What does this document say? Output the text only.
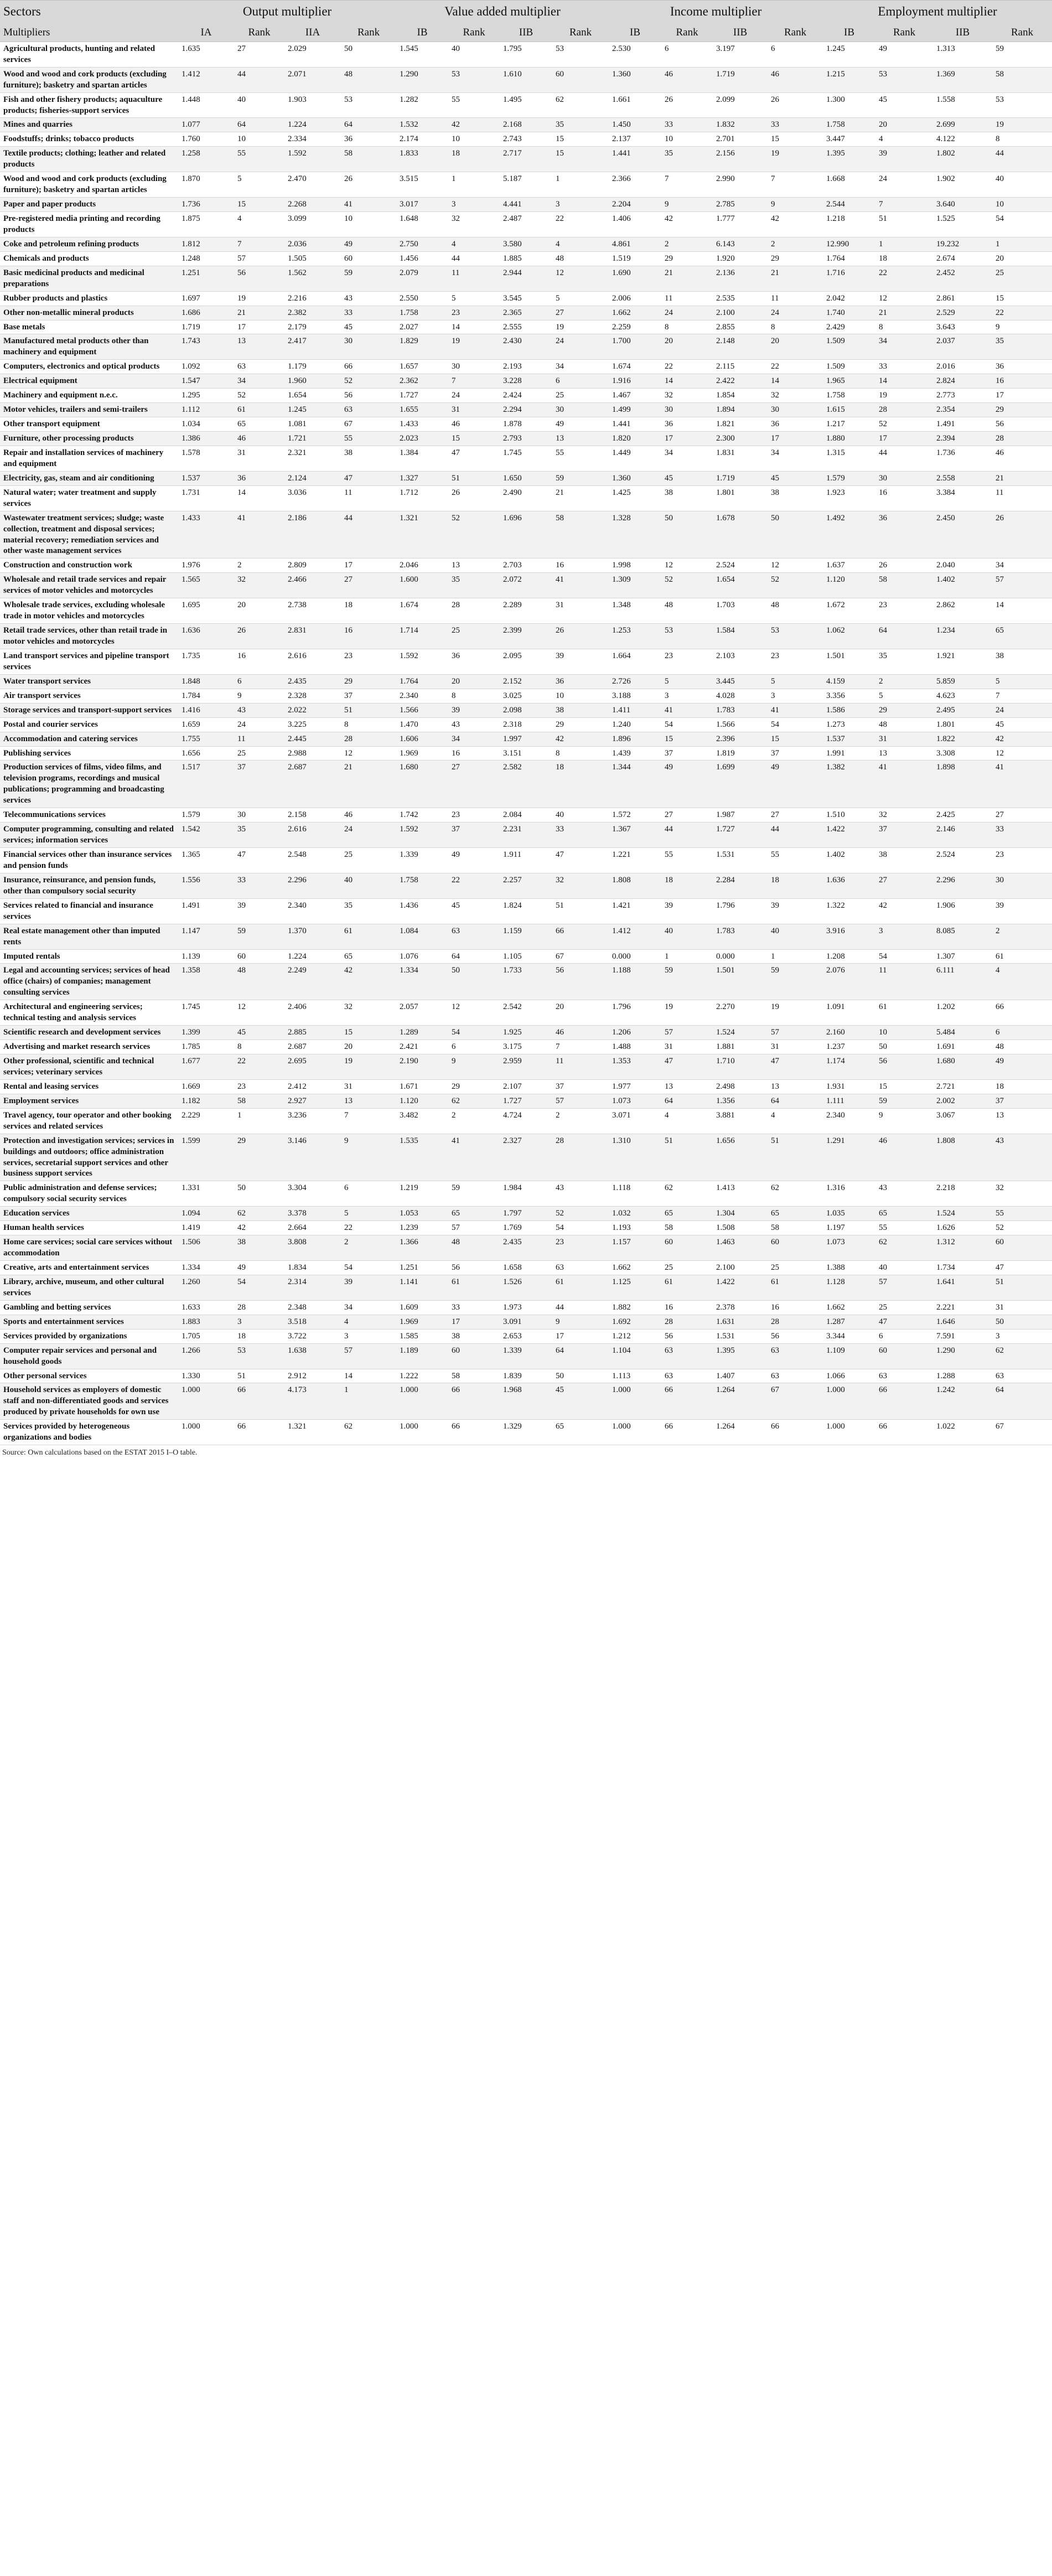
Sectors	Output multiplier				Value added multiplier				Income multiplier				Employment multiplier			
Multipliers	IA	Rank	IIA	Rank	IB	Rank	IIB	Rank	IB	Rank	IIB	Rank	IB	Rank	IIB	Rank
Agricultural products, hunting and related services	1.635	27	2.029	50	1.545	40	1.795	53	2.530	6	3.197	6	1.245	49	1.313	59
Wood and wood and cork products (excluding furniture); basketry and spartan articles	1.412	44	2.071	48	1.290	53	1.610	60	1.360	46	1.719	46	1.215	53	1.369	58
Fish and other fishery products; aquaculture products; fisheries-support services	1.448	40	1.903	53	1.282	55	1.495	62	1.661	26	2.099	26	1.300	45	1.558	53
Mines and quarries	1.077	64	1.224	64	1.532	42	2.168	35	1.450	33	1.832	33	1.758	20	2.699	19
Foodstuffs; drinks; tobacco products	1.760	10	2.334	36	2.174	10	2.743	15	2.137	10	2.701	15	3.447	4	4.122	8
Textile products; clothing; leather and related products	1.258	55	1.592	58	1.833	18	2.717	15	1.441	35	2.156	19	1.395	39	1.802	44
Wood and wood and cork products (excluding furniture); basketry and spartan articles	1.870	5	2.470	26	3.515	1	5.187	1	2.366	7	2.990	7	1.668	24	1.902	40
Paper and paper products	1.736	15	2.268	41	3.017	3	4.441	3	2.204	9	2.785	9	2.544	7	3.640	10
Pre-registered media printing and recording products	1.875	4	3.099	10	1.648	32	2.487	22	1.406	42	1.777	42	1.218	51	1.525	54
Coke and petroleum refining products	1.812	7	2.036	49	2.750	4	3.580	4	4.861	2	6.143	2	12.990	1	19.232	1
Chemicals and products	1.248	57	1.505	60	1.456	44	1.885	48	1.519	29	1.920	29	1.764	18	2.674	20
Basic medicinal products and medicinal preparations	1.251	56	1.562	59	2.079	11	2.944	12	1.690	21	2.136	21	1.716	22	2.452	25
Rubber products and plastics	1.697	19	2.216	43	2.550	5	3.545	5	2.006	11	2.535	11	2.042	12	2.861	15
Other non-metallic mineral products	1.686	21	2.382	33	1.758	23	2.365	27	1.662	24	2.100	24	1.740	21	2.529	22
Base metals	1.719	17	2.179	45	2.027	14	2.555	19	2.259	8	2.855	8	2.429	8	3.643	9
Manufactured metal products other than machinery and equipment	1.743	13	2.417	30	1.829	19	2.430	24	1.700	20	2.148	20	1.509	34	2.037	35
Computers, electronics and optical products	1.092	63	1.179	66	1.657	30	2.193	34	1.674	22	2.115	22	1.509	33	2.016	36
Electrical equipment	1.547	34	1.960	52	2.362	7	3.228	6	1.916	14	2.422	14	1.965	14	2.824	16
Machinery and equipment n.e.c.	1.295	52	1.654	56	1.727	24	2.424	25	1.467	32	1.854	32	1.758	19	2.773	17
Motor vehicles, trailers and semi-trailers	1.112	61	1.245	63	1.655	31	2.294	30	1.499	30	1.894	30	1.615	28	2.354	29
Other transport equipment	1.034	65	1.081	67	1.433	46	1.878	49	1.441	36	1.821	36	1.217	52	1.491	56
Furniture, other processing products	1.386	46	1.721	55	2.023	15	2.793	13	1.820	17	2.300	17	1.880	17	2.394	28
Repair and installation services of machinery and equipment	1.578	31	2.321	38	1.384	47	1.745	55	1.449	34	1.831	34	1.315	44	1.736	46
Electricity, gas, steam and air conditioning	1.537	36	2.124	47	1.327	51	1.650	59	1.360	45	1.719	45	1.579	30	2.558	21
Natural water; water treatment and supply services	1.731	14	3.036	11	1.712	26	2.490	21	1.425	38	1.801	38	1.923	16	3.384	11
Wastewater treatment services; sludge; waste collection, treatment and disposal services; material recovery; remediation services and other waste management services	1.433	41	2.186	44	1.321	52	1.696	58	1.328	50	1.678	50	1.492	36	2.450	26
Construction and construction work	1.976	2	2.809	17	2.046	13	2.703	16	1.998	12	2.524	12	1.637	26	2.040	34
Wholesale and retail trade services and repair services of motor vehicles and motorcycles	1.565	32	2.466	27	1.600	35	2.072	41	1.309	52	1.654	52	1.120	58	1.402	57
Wholesale trade services, excluding wholesale trade in motor vehicles and motorcycles	1.695	20	2.738	18	1.674	28	2.289	31	1.348	48	1.703	48	1.672	23	2.862	14
Retail trade services, other than retail trade in motor vehicles and motorcycles	1.636	26	2.831	16	1.714	25	2.399	26	1.253	53	1.584	53	1.062	64	1.234	65
Land transport services and pipeline transport services	1.735	16	2.616	23	1.592	36	2.095	39	1.664	23	2.103	23	1.501	35	1.921	38
Water transport services	1.848	6	2.435	29	1.764	20	2.152	36	2.726	5	3.445	5	4.159	2	5.859	5
Air transport services	1.784	9	2.328	37	2.340	8	3.025	10	3.188	3	4.028	3	3.356	5	4.623	7
Storage services and transport-support services	1.416	43	2.022	51	1.566	39	2.098	38	1.411	41	1.783	41	1.586	29	2.495	24
Postal and courier services	1.659	24	3.225	8	1.470	43	2.318	29	1.240	54	1.566	54	1.273	48	1.801	45
Accommodation and catering services	1.755	11	2.445	28	1.606	34	1.997	42	1.896	15	2.396	15	1.537	31	1.822	42
Publishing services	1.656	25	2.988	12	1.969	16	3.151	8	1.439	37	1.819	37	1.991	13	3.308	12
Production services of films, video films, and television programs, recordings and musical publications; programming and broadcasting services	1.517	37	2.687	21	1.680	27	2.582	18	1.344	49	1.699	49	1.382	41	1.898	41
Telecommunications services	1.579	30	2.158	46	1.742	23	2.084	40	1.572	27	1.987	27	1.510	32	2.425	27
Computer programming, consulting and related services; information services	1.542	35	2.616	24	1.592	37	2.231	33	1.367	44	1.727	44	1.422	37	2.146	33
Financial services other than insurance services and pension funds	1.365	47	2.548	25	1.339	49	1.911	47	1.221	55	1.531	55	1.402	38	2.524	23
Insurance, reinsurance, and pension funds, other than compulsory social security	1.556	33	2.296	40	1.758	22	2.257	32	1.808	18	2.284	18	1.636	27	2.296	30
Services related to financial and insurance services	1.491	39	2.340	35	1.436	45	1.824	51	1.421	39	1.796	39	1.322	42	1.906	39
Real estate management other than imputed rents	1.147	59	1.370	61	1.084	63	1.159	66	1.412	40	1.783	40	3.916	3	8.085	2
Imputed rentals	1.139	60	1.224	65	1.076	64	1.105	67	0.000	1	0.000	1	1.208	54	1.307	61
Legal and accounting services; services of head office (chairs) of companies; management consulting services	1.358	48	2.249	42	1.334	50	1.733	56	1.188	59	1.501	59	2.076	11	6.111	4
Architectural and engineering services; technical testing and analysis services	1.745	12	2.406	32	2.057	12	2.542	20	1.796	19	2.270	19	1.091	61	1.202	66
Scientific research and development services	1.399	45	2.885	15	1.289	54	1.925	46	1.206	57	1.524	57	2.160	10	5.484	6
Advertising and market research services	1.785	8	2.687	20	2.421	6	3.175	7	1.488	31	1.881	31	1.237	50	1.691	48
Other professional, scientific and technical services; veterinary services	1.677	22	2.695	19	2.190	9	2.959	11	1.353	47	1.710	47	1.174	56	1.680	49
Rental and leasing services	1.669	23	2.412	31	1.671	29	2.107	37	1.977	13	2.498	13	1.931	15	2.721	18
Employment services	1.182	58	2.927	13	1.120	62	1.727	57	1.073	64	1.356	64	1.111	59	2.002	37
Travel agency, tour operator and other booking services and related services	2.229	1	3.236	7	3.482	2	4.724	2	3.071	4	3.881	4	2.340	9	3.067	13
Protection and investigation services; services in buildings and outdoors; office administration services, secretarial support services and other business support services	1.599	29	3.146	9	1.535	41	2.327	28	1.310	51	1.656	51	1.291	46	1.808	43
Public administration and defense services; compulsory social security services	1.331	50	3.304	6	1.219	59	1.984	43	1.118	62	1.413	62	1.316	43	2.218	32
Education services	1.094	62	3.378	5	1.053	65	1.797	52	1.032	65	1.304	65	1.035	65	1.524	55
Human health services	1.419	42	2.664	22	1.239	57	1.769	54	1.193	58	1.508	58	1.197	55	1.626	52
Home care services; social care services without accommodation	1.506	38	3.808	2	1.366	48	2.435	23	1.157	60	1.463	60	1.073	62	1.312	60
Creative, arts and entertainment services	1.334	49	1.834	54	1.251	56	1.658	63	1.662	25	2.100	25	1.388	40	1.734	47
Library, archive, museum, and other cultural services	1.260	54	2.314	39	1.141	61	1.526	61	1.125	61	1.422	61	1.128	57	1.641	51
Gambling and betting services	1.633	28	2.348	34	1.609	33	1.973	44	1.882	16	2.378	16	1.662	25	2.221	31
Sports and entertainment services	1.883	3	3.518	4	1.969	17	3.091	9	1.692	28	1.631	28	1.287	47	1.646	50
Services provided by organizations	1.705	18	3.722	3	1.585	38	2.653	17	1.212	56	1.531	56	3.344	6	7.591	3
Computer repair services and personal and household goods	1.266	53	1.638	57	1.189	60	1.339	64	1.104	63	1.395	63	1.109	60	1.290	62
Other personal services	1.330	51	2.912	14	1.222	58	1.839	50	1.113	63	1.407	63	1.066	63	1.288	63
Household services as employers of domestic staff and non-differentiated goods and services produced by private households for own use	1.000	66	4.173	1	1.000	66	1.968	45	1.000	66	1.264	67	1.000	66	1.242	64
Services provided by heterogeneous organizations and bodies	1.000	66	1.321	62	1.000	66	1.329	65	1.000	66	1.264	66	1.000	66	1.022	67
Source: Own calculations based on the ESTAT 2015 I–O table.
